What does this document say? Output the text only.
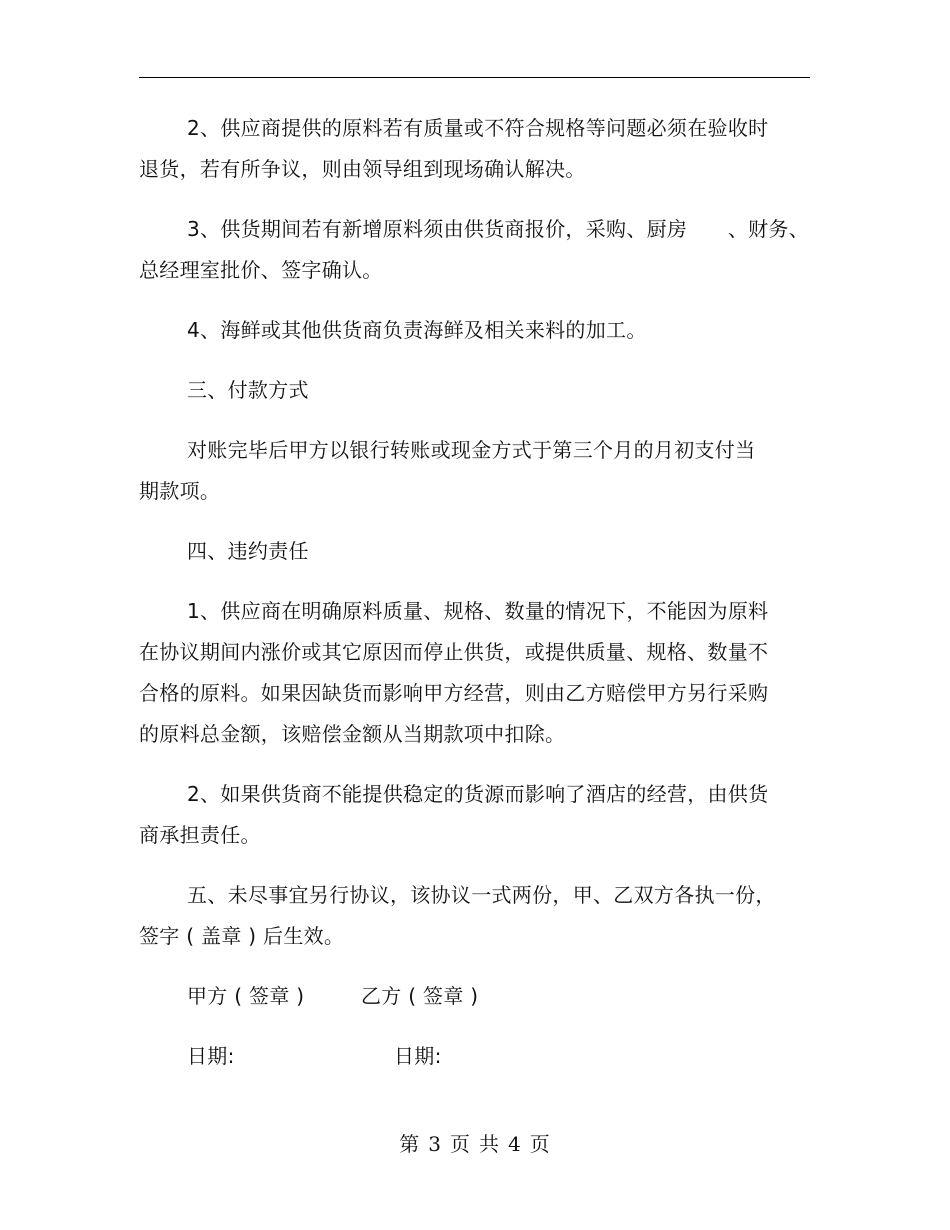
2、供应商提供的原料若有质量或不符合规格等问题必须在验收时
退货，若有所争议，则由领导组到现场确认解决。

3、供货期间若有新增原料须由供货商报价，采购、厨房　　、财务、
总经理室批价、签字确认。

4、海鲜或其他供货商负责海鲜及相关来料的加工。

三、付款方式

对账完毕后甲方以银行转账或现金方式于第三个月的月初支付当
期款项。

四、违约责任

1、供应商在明确原料质量、规格、数量的情况下，不能因为原料
在协议期间内涨价或其它原因而停止供货，或提供质量、规格、数量不
合格的原料。如果因缺货而影响甲方经营，则由乙方赔偿甲方另行采购
的原料总金额，该赔偿金额从当期款项中扣除。

2、如果供货商不能提供稳定的货源而影响了酒店的经营，由供货
商承担责任。

五、未尽事宜另行协议，该协议一式两份，甲、乙双方各执一份，
签字 ( 盖章 ) 后生效。

甲方 ( 签章 )	乙方 ( 签章 )
日期:	日期:
第 3 页 共 4 页
